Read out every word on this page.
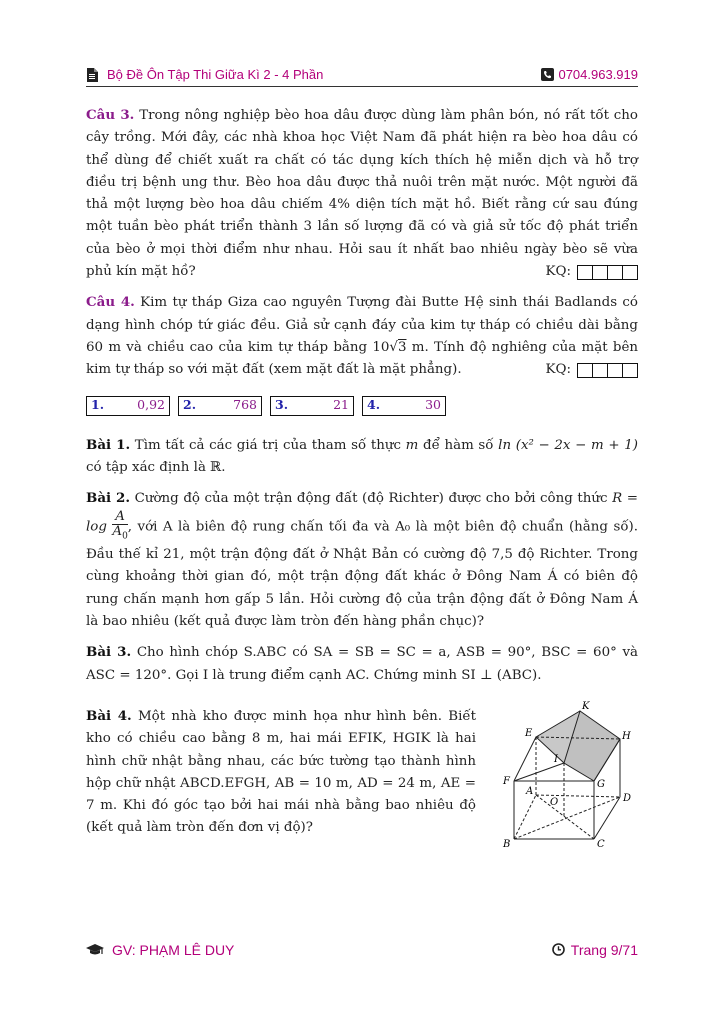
Bộ Đề Ôn Tập Thi Giữa Kì 2 - 4 Phần	0704.963.919

Câu 3. Trong nông nghiệp bèo hoa dâu được dùng làm phân bón, nó rất tốt cho cây trồng. Mới đây, các nhà khoa học Việt Nam đã phát hiện ra bèo hoa dâu có thể dùng để chiết xuất ra chất có tác dụng kích thích hệ miễn dịch và hỗ trợ điều trị bệnh ung thư. Bèo hoa dâu được thả nuôi trên mặt nước. Một người đã thả một lượng bèo hoa dâu chiếm 4% diện tích mặt hồ. Biết rằng cứ sau đúng một tuần bèo phát triển thành 3 lần số lượng đã có và giả sử tốc độ phát triển của bèo ở mọi thời điểm như nhau. Hỏi sau ít nhất bao nhiêu ngày bèo sẽ vừa phủ kín mặt hồ?	KQ:

Câu 4. Kim tự tháp Giza cao nguyên Tượng đài Butte Hệ sinh thái Badlands có dạng hình chóp tứ giác đều. Giả sử cạnh đáy của kim tự tháp có chiều dài bằng 60 m và chiều cao của kim tự tháp bằng 10√3 m. Tính độ nghiêng của mặt bên kim tự tháp so với mặt đất (xem mặt đất là mặt phẳng).	KQ:

1.	0,92 2.	768 3.	21 4.	30

Bài 1. Tìm tất cả các giá trị của tham số thực m để hàm số ln (x² − 2x − m + 1) có tập xác định là ℝ.

Bài 2. Cường độ của một trận động đất (độ Richter) được cho bởi công thức $R = \log \frac{A}{A_0}$ , với A là biên độ rung chấn tối đa và A₀ là một biên độ chuẩn (hằng số). Đầu thế kỉ 21, một trận động đất ở Nhật Bản có cường độ 7,5 độ Richter. Trong cùng khoảng thời gian đó, một trận động đất khác ở Đông Nam Á có biên độ rung chấn mạnh hơn gấp 5 lần. Hỏi cường độ của trận động đất ở Đông Nam Á là bao nhiêu (kết quả được làm tròn đến hàng phần chục)?

Bài 3. Cho hình chóp S.ABC có SA = SB = SC = a, ASB = 90°, BSC = 60° và ASC = 120°. Gọi I là trung điểm cạnh AC. Chứng minh SI ⊥ (ABC).

Bài 4. Một nhà kho được minh họa như hình bên. Biết kho có chiều cao bằng 8 m, hai mái EFIK, HGIK là hai hình chữ nhật bằng nhau, các bức tường tạo thành hình hộp chữ nhật ABCD.EFGH, AB = 10 m, AD = 24 m, AE = 7 m. Khi đó góc tạo bởi hai mái nhà bằng bao nhiêu độ (kết quả làm tròn đến đơn vị độ)?

K
E	H
I
F	G
A
O	D
B	C
GV: PHẠM LÊ DUY	Trang 9/71
